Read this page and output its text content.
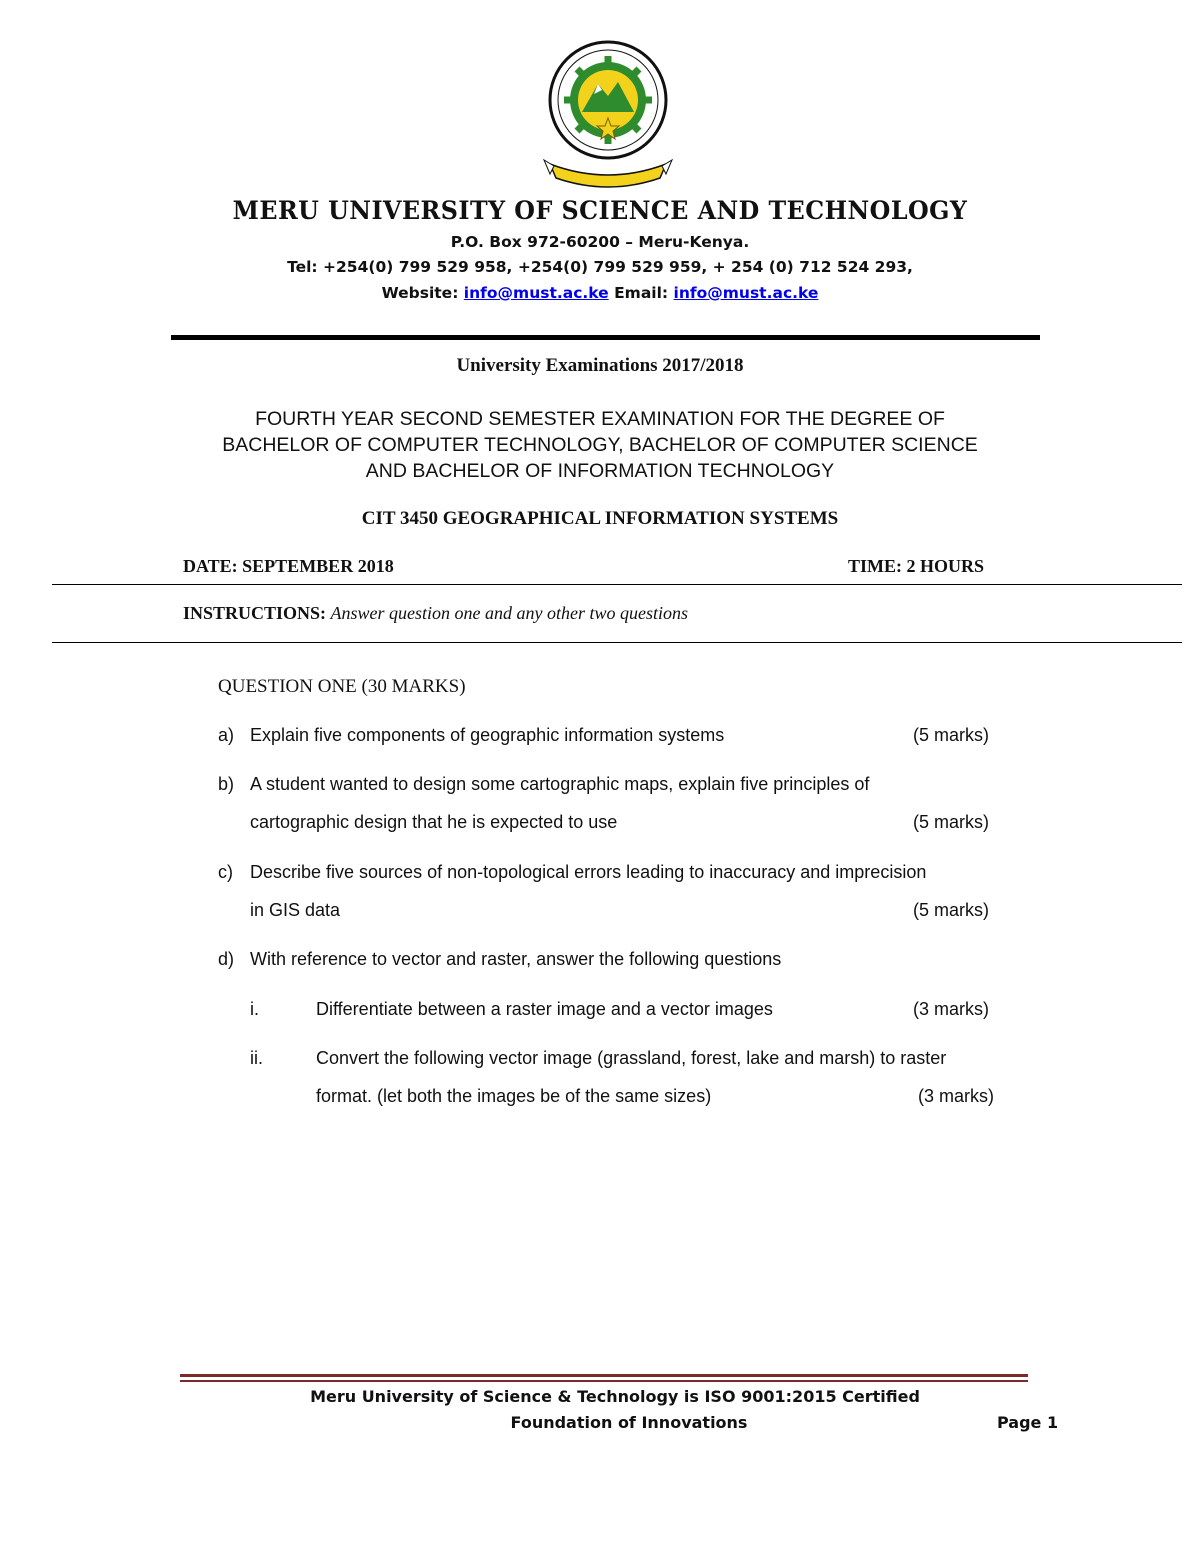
MERU UNIVERSITY OF SCIENCE AND TECHNOLOGY
P.O. Box 972-60200 – Meru-Kenya.
Tel: +254(0) 799 529 958, +254(0) 799 529 959, + 254 (0) 712 524 293,
Website: info@must.ac.ke Email: info@must.ac.ke
University Examinations 2017/2018
FOURTH YEAR SECOND SEMESTER EXAMINATION FOR THE DEGREE OF
BACHELOR OF COMPUTER TECHNOLOGY, BACHELOR OF COMPUTER SCIENCE
AND BACHELOR OF INFORMATION TECHNOLOGY
CIT 3450 GEOGRAPHICAL INFORMATION SYSTEMS
DATE: SEPTEMBER 2018	TIME: 2 HOURS
INSTRUCTIONS: Answer question one and any other two questions
QUESTION ONE (30 MARKS)
a) Explain five components of geographic information systems	(5 marks)
b) A student wanted to design some cartographic maps, explain five principles of
cartographic design that he is expected to use	(5 marks)
c) Describe five sources of non-topological errors leading to inaccuracy and imprecision
in GIS data	(5 marks)
d) With reference to vector and raster, answer the following questions
i.	Differentiate between a raster image and a vector images	(3 marks)
ii.	Convert the following vector image (grassland, forest, lake and marsh) to raster
format. (let both the images be of the same sizes)	(3 marks)
Meru University of Science & Technology is ISO 9001:2015 Certified
Foundation of Innovations	Page 1
